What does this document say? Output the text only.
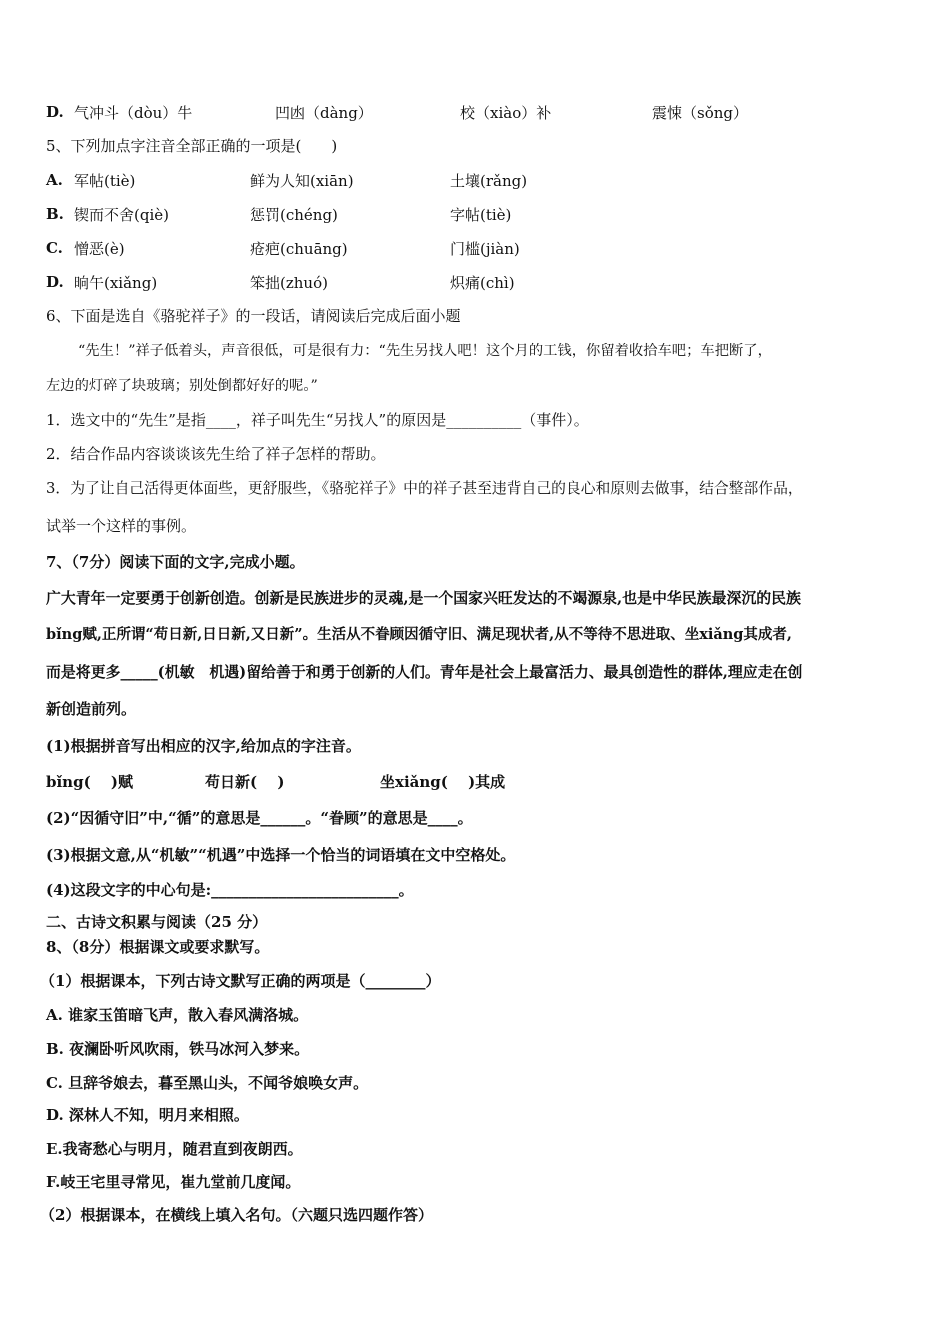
D. 气冲斗（dòu）牛	凹凼（dàng）	校（xiào）补	震悚（sǒng）
5、下列加点字注音全部正确的一项是(　　)
A. 军帖(tiè)	鲜为人知(xiān)	土壤(rǎng)
B. 锲而不舍(qiè)	惩罚(chéng)	字帖(tiè)
C. 憎恶(è)	疮疤(chuāng)	门槛(jiàn)
D. 晌午(xiǎng)	笨拙(zhuó)	炽痛(chì)
6、下面是选自《骆驼祥子》的一段话，请阅读后完成后面小题
“先生！”祥子低着头，声音很低，可是很有力：“先生另找人吧！这个月的工钱，你留着收拾车吧；车把断了，
左边的灯碎了块玻璃；别处倒都好好的呢。”
1．选文中的“先生”是指____，祥子叫先生“另找人”的原因是__________（事件）。
2．结合作品内容谈谈该先生给了祥子怎样的帮助。
3．为了让自己活得更体面些，更舒服些，《骆驼祥子》中的祥子甚至违背自己的良心和原则去做事，结合整部作品，
试举一个这样的事例。
7、（7分）阅读下面的文字,完成小题。
广大青年一定要勇于创新创造。创新是民族进步的灵魂,是一个国家兴旺发达的不竭源泉,也是中华民族最深沉的民族
bǐng赋,正所谓“苟日新,日日新,又日新”。生活从不眷顾因循守旧、满足现状者,从不等待不思进取、坐xiǎng其成者,
而是将更多_____(机敏　机遇)留给善于和勇于创新的人们。青年是社会上最富活力、最具创造性的群体,理应走在创
新创造前列。
(1)根据拼音写出相应的汉字,给加点的字注音。
bǐng(　 )赋	苟日新(　 )	坐xiǎng(　 )其成
(2)“因循守旧”中,“循”的意思是______。“眷顾”的意思是____。
(3)根据文意,从“机敏”“机遇”中选择一个恰当的词语填在文中空格处。
(4)这段文字的中心句是:_________________________。
二、古诗文积累与阅读（25 分）
8、（8分）根据课文或要求默写。
（1）根据课本，下列古诗文默写正确的两项是（________）
A. 谁家玉笛暗飞声，散入春风满洛城。
B. 夜澜卧听风吹雨，铁马冰河入梦来。
C. 旦辞爷娘去，暮至黑山头，不闻爷娘唤女声。
D. 深林人不知，明月来相照。
E.我寄愁心与明月，随君直到夜朗西。
F.岐王宅里寻常见，崔九堂前几度闻。
（2）根据课本，在横线上填入名句。（六题只选四题作答）
